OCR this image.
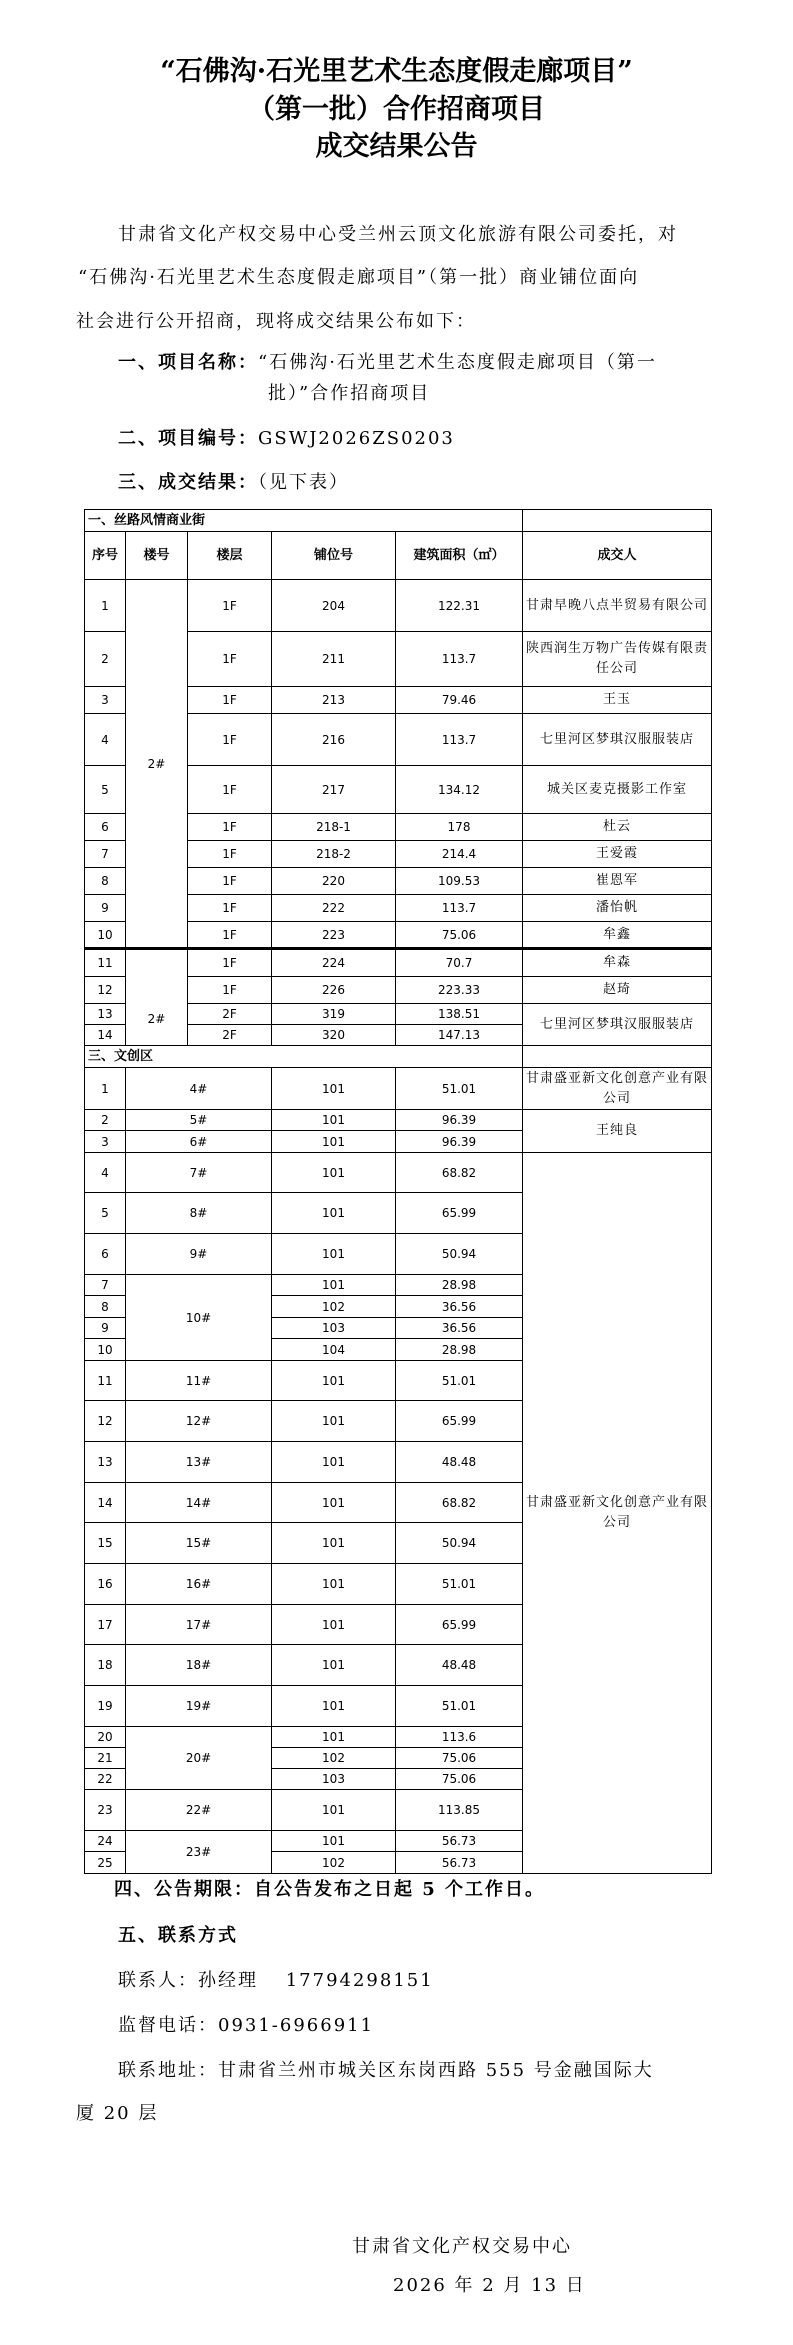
“石佛沟·石光里艺术生态度假走廊项目”
（第一批）合作招商项目
成交结果公告
甘肃省文化产权交易中心受兰州云顶文化旅游有限公司委托，对
“石佛沟·石光里艺术生态度假走廊项目”（第一批）商业铺位面向
社会进行公开招商，现将成交结果公布如下：
一、项目名称：“石佛沟·石光里艺术生态度假走廊项目（第一
批）”合作招商项目
二、项目编号：GSWJ2026ZS0203
三、成交结果：（见下表）
一、丝路风情商业街					
序号	楼号	楼层	铺位号	建筑面积（㎡）	成交人
1	2#	1F	204	122.31	甘肃早晚八点半贸易有限公司
2		1F	211	113.7	陕西润生万物广告传媒有限责任公司
3		1F	213	79.46	王玉
4		1F	216	113.7	七里河区梦琪汉服服装店
5		1F	217	134.12	城关区麦克摄影工作室
6		1F	218-1	178	杜云
7		1F	218-2	214.4	王爱霞
8		1F	220	109.53	崔恩军
9		1F	222	113.7	潘怡帆
10		1F	223	75.06	牟鑫
11	2#	1F	224	70.7	牟森
12		1F	226	223.33	赵琦
13		2F	319	138.51	七里河区梦琪汉服服装店
14		2F	320	147.13	
三、文创区					
1	4#		101	51.01	甘肃盛亚新文化创意产业有限公司
2	5#		101	96.39	王纯良
3	6#		101	96.39	
4	7#		101	68.82	甘肃盛亚新文化创意产业有限公司
5	8#		101	65.99	
6	9#		101	50.94	
7	10#		101	28.98	
8			102	36.56	
9			103	36.56	
10			104	28.98	
11	11#		101	51.01	
12	12#		101	65.99	
13	13#		101	48.48	
14	14#		101	68.82	
15	15#		101	50.94	
16	16#		101	51.01	
17	17#		101	65.99	
18	18#		101	48.48	
19	19#		101	51.01	
20	20#		101	113.6	
21			102	75.06	
22			103	75.06	
23	22#		101	113.85	
24	23#		101	56.73	
25			102	56.73	
四、公告期限：自公告发布之日起 5 个工作日。
五、联系方式
联系人：孙经理　 17794298151
监督电话：0931-6966911
联系地址：甘肃省兰州市城关区东岗西路 555 号金融国际大
厦 20 层
甘肃省文化产权交易中心
2026 年 2 月 13 日
